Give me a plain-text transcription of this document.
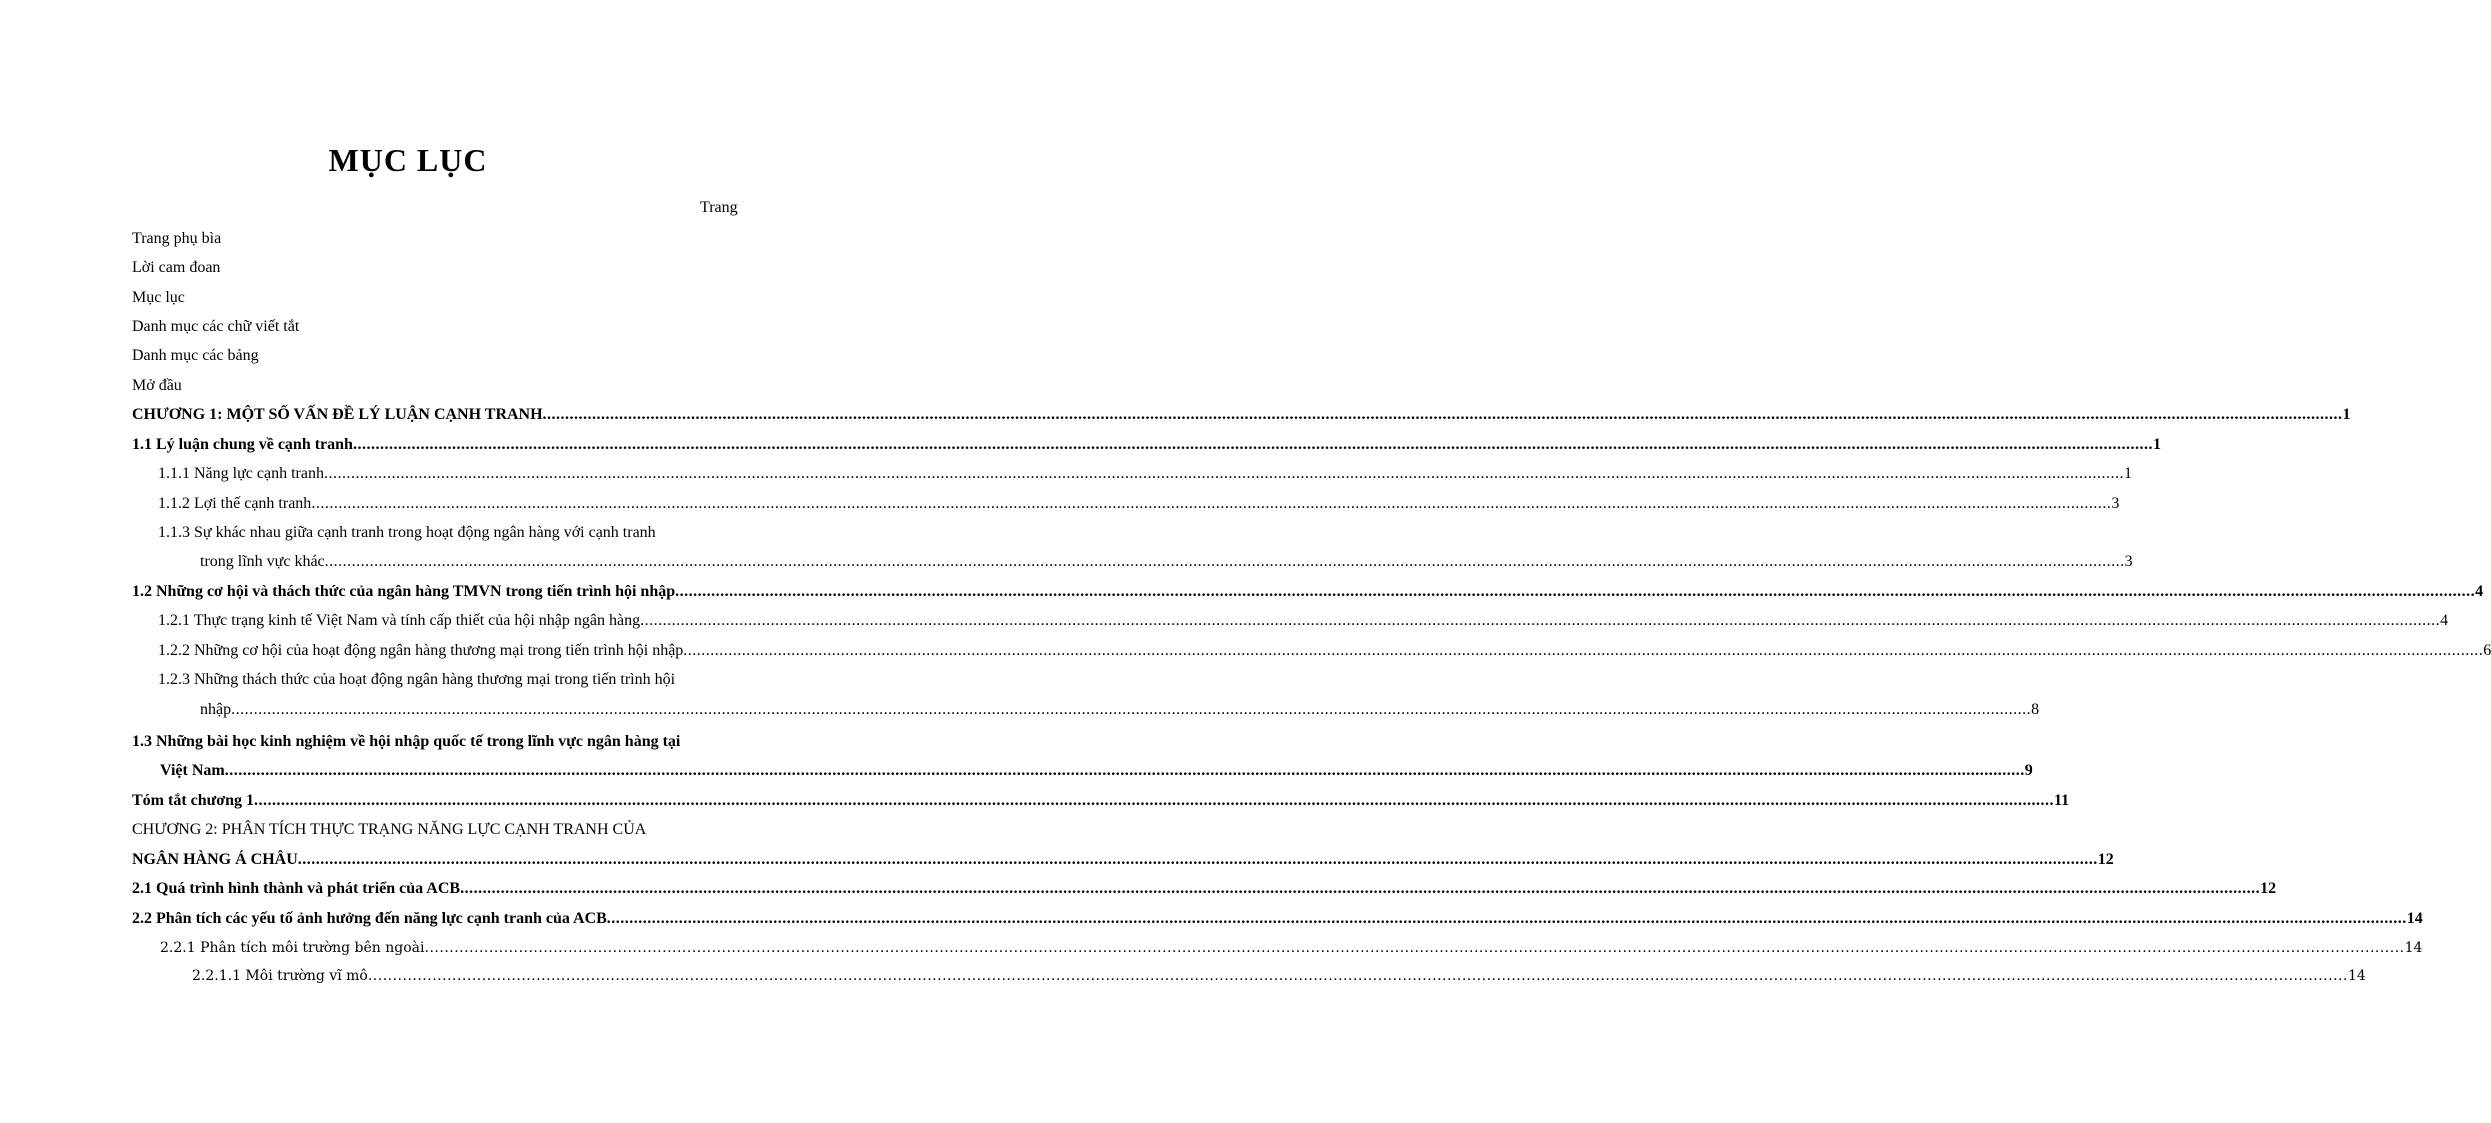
MỤC LỤC
Trang
Trang phụ bìa
Lời cam đoan
Mục lục
Danh mục các chữ viết tắt
Danh mục các bảng
Mở đầu
CHƯƠNG 1: MỘT SỐ VẤN ĐỀ LÝ LUẬN CẠNH TRANH ................................................................................................................................................................................................................................................................................................................................................................................................................ 1
1.1 Lý luận chung về cạnh tranh ................................................................................................................................................................................................................................................................................................................................................................................................................ 1
1.1.1 Năng lực cạnh tranh ................................................................................................................................................................................................................................................................................................................................................................................................................ 1
1.1.2 Lợi thế cạnh tranh ................................................................................................................................................................................................................................................................................................................................................................................................................ 3
1.1.3 Sự khác nhau giữa cạnh tranh trong hoạt động ngân hàng với cạnh tranh
trong lĩnh vực khác ................................................................................................................................................................................................................................................................................................................................................................................................................ 3
1.2 Những cơ hội và thách thức của ngân hàng TMVN trong tiến trình hội nhập ................................................................................................................................................................................................................................................................................................................................................................................................................ 4
1.2.1 Thực trạng kinh tế Việt Nam và tính cấp thiết của hội nhập ngân hàng ................................................................................................................................................................................................................................................................................................................................................................................................................ 4
1.2.2 Những cơ hội của hoạt động ngân hàng thương mại trong tiến trình hội nhập ................................................................................................................................................................................................................................................................................................................................................................................................................ 6
1.2.3 Những thách thức của hoạt động ngân hàng thương mại trong tiến trình hội
nhập ................................................................................................................................................................................................................................................................................................................................................................................................................ 8
1.3 Những bài học kinh nghiệm về hội nhập quốc tế trong lĩnh vực ngân hàng tại
Việt Nam ................................................................................................................................................................................................................................................................................................................................................................................................................ 9
Tóm tắt chương 1 ................................................................................................................................................................................................................................................................................................................................................................................................................ 11
CHƯƠNG 2: PHÂN TÍCH THỰC TRẠNG NĂNG LỰC CẠNH TRANH CỦA
NGÂN HÀNG Á CHÂU ................................................................................................................................................................................................................................................................................................................................................................................................................ 12
2.1 Quá trình hình thành và phát triển của ACB ................................................................................................................................................................................................................................................................................................................................................................................................................ 12
2.2 Phân tích các yếu tố ảnh hưởng đến năng lực cạnh tranh của ACB ................................................................................................................................................................................................................................................................................................................................................................................................................ 14
2.2.1 Phân tích môi trường bên ngoài ................................................................................................................................................................................................................................................................................................................................................................................................................ 14
2.2.1.1 Môi trường vĩ mô ................................................................................................................................................................................................................................................................................................................................................................................................................ 14
